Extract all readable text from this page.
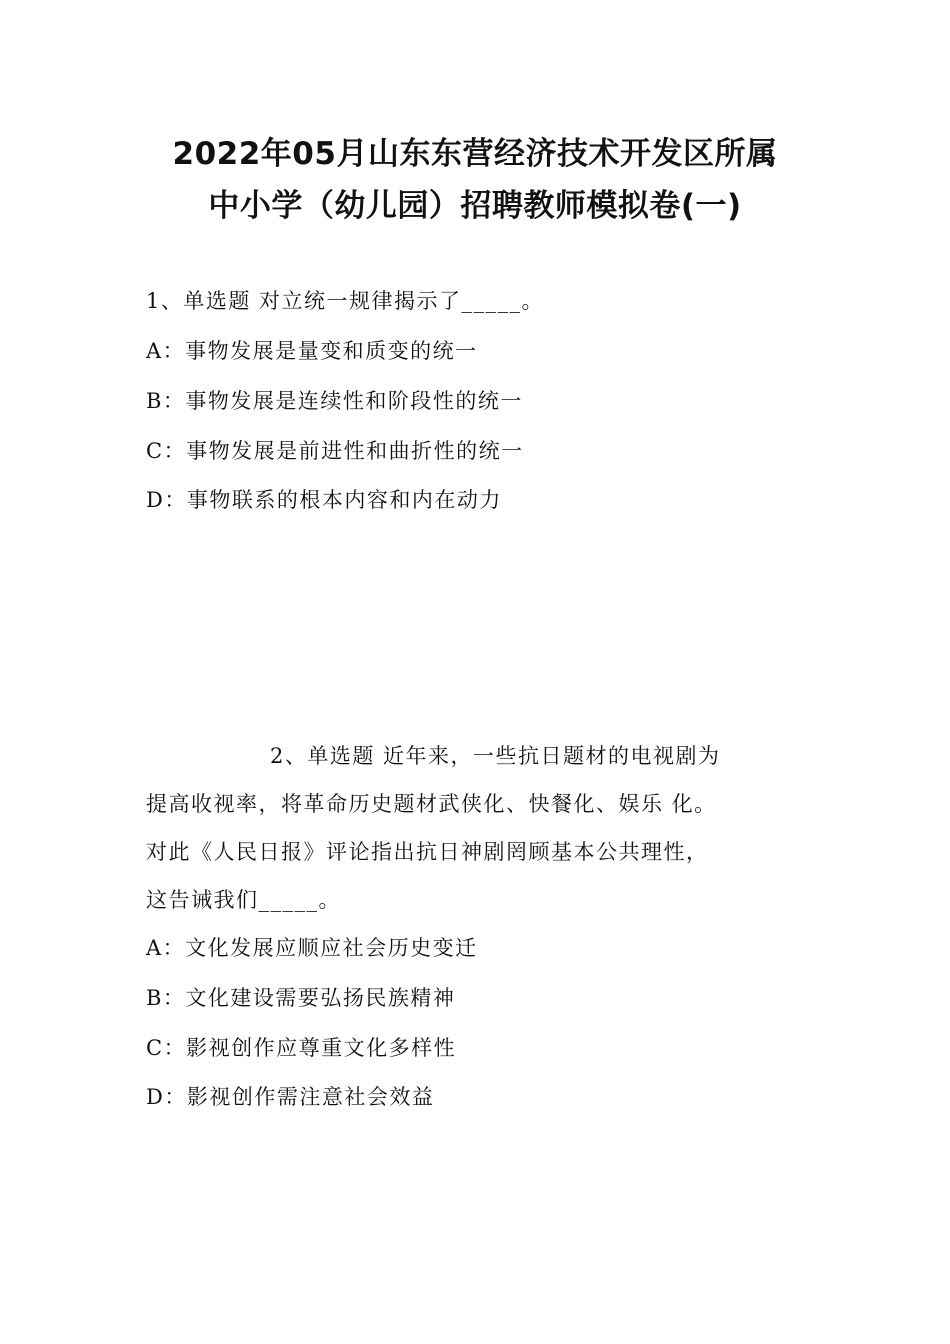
2022年05月山东东营经济技术开发区所属
中小学（幼儿园）招聘教师模拟卷(一)
1、单选题 对立统一规律揭示了_____。
A：事物发展是量变和质变的统一
B：事物发展是连续性和阶段性的统一
C：事物发展是前进性和曲折性的统一
D：事物联系的根本内容和内在动力
2、单选题 近年来，一些抗日题材的电视剧为
提高收视率，将革命历史题材武侠化、快餐化、娱乐 化。
对此《人民日报》评论指出抗日神剧罔顾基本公共理性，
这告诫我们_____。
A：文化发展应顺应社会历史变迁
B：文化建设需要弘扬民族精神
C：影视创作应尊重文化多样性
D：影视创作需注意社会效益
